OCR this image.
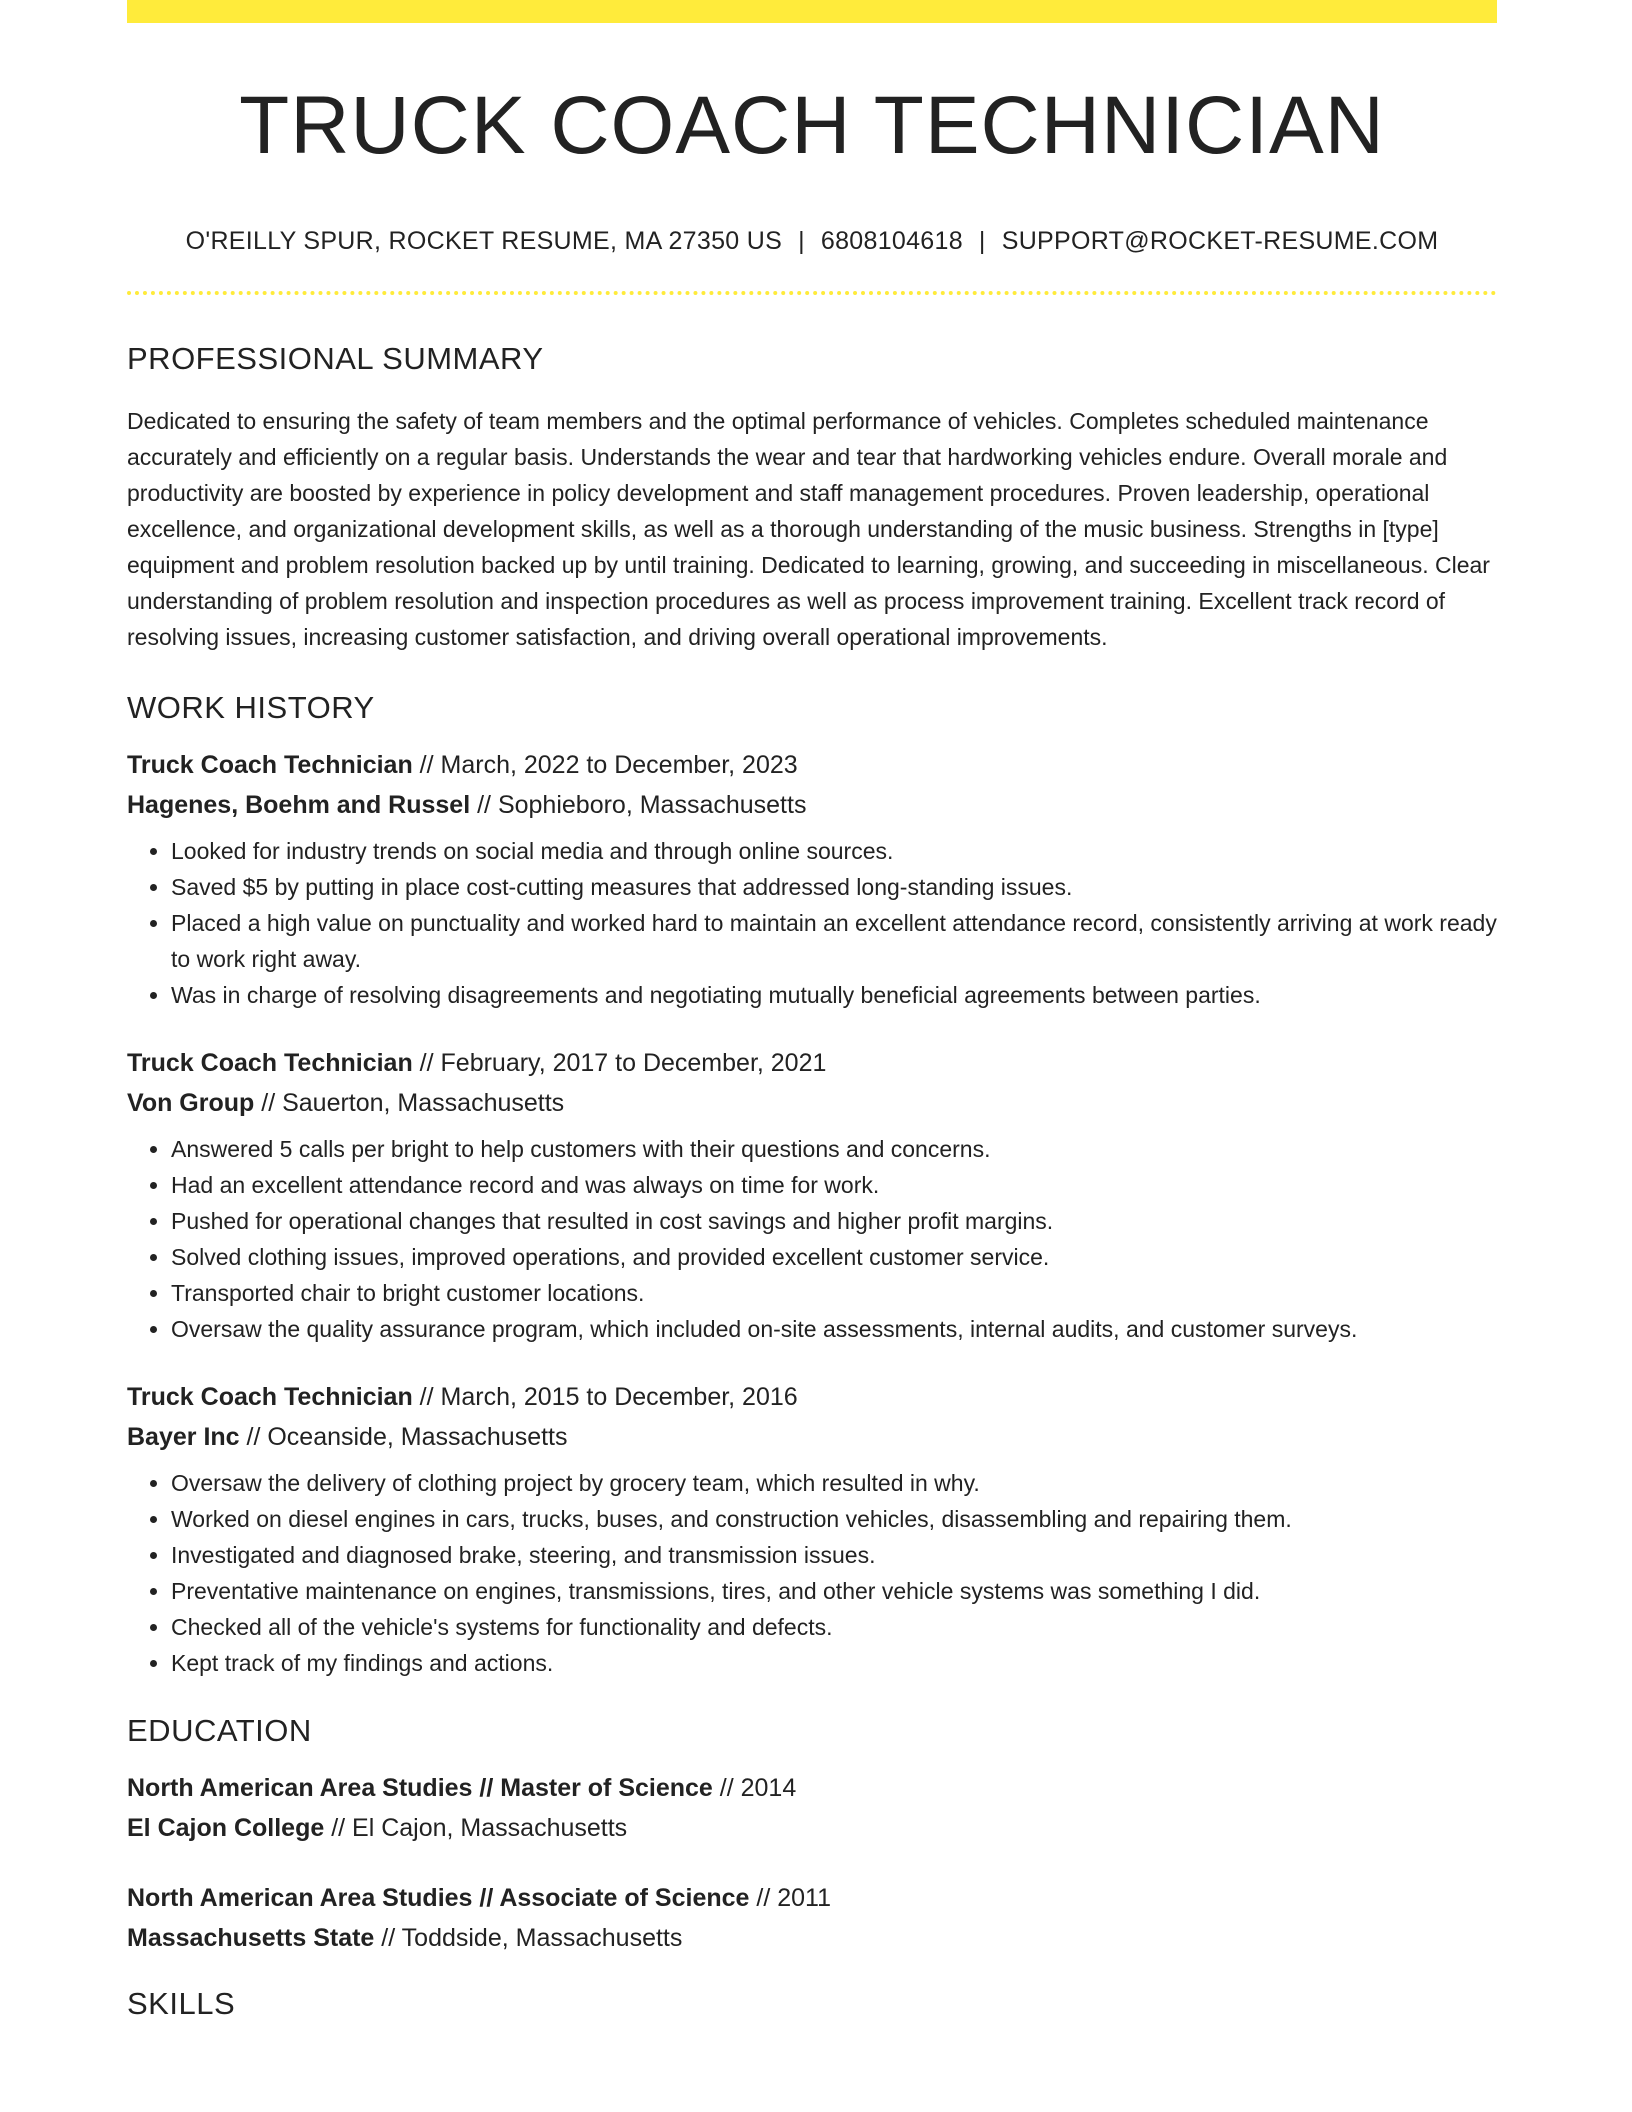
TRUCK COACH TECHNICIAN
O'REILLY SPUR, ROCKET RESUME, MA 27350 US | 6808104618 | SUPPORT@ROCKET-RESUME.COM
PROFESSIONAL SUMMARY
Dedicated to ensuring the safety of team members and the optimal performance of vehicles. Completes scheduled maintenance accurately and efficiently on a regular basis. Understands the wear and tear that hardworking vehicles endure. Overall morale and productivity are boosted by experience in policy development and staff management procedures. Proven leadership, operational excellence, and organizational development skills, as well as a thorough understanding of the music business. Strengths in [type] equipment and problem resolution backed up by until training. Dedicated to learning, growing, and succeeding in miscellaneous. Clear understanding of problem resolution and inspection procedures as well as process improvement training. Excellent track record of resolving issues, increasing customer satisfaction, and driving overall operational improvements.
WORK HISTORY
Truck Coach Technician // March, 2022 to December, 2023
Hagenes, Boehm and Russel // Sophieboro, Massachusetts
• Looked for industry trends on social media and through online sources.
• Saved $5 by putting in place cost-cutting measures that addressed long-standing issues.
• Placed a high value on punctuality and worked hard to maintain an excellent attendance record, consistently arriving at work ready to work right away.
• Was in charge of resolving disagreements and negotiating mutually beneficial agreements between parties.
Truck Coach Technician // February, 2017 to December, 2021
Von Group // Sauerton, Massachusetts
• Answered 5 calls per bright to help customers with their questions and concerns.
• Had an excellent attendance record and was always on time for work.
• Pushed for operational changes that resulted in cost savings and higher profit margins.
• Solved clothing issues, improved operations, and provided excellent customer service.
• Transported chair to bright customer locations.
• Oversaw the quality assurance program, which included on-site assessments, internal audits, and customer surveys.
Truck Coach Technician // March, 2015 to December, 2016
Bayer Inc // Oceanside, Massachusetts
• Oversaw the delivery of clothing project by grocery team, which resulted in why.
• Worked on diesel engines in cars, trucks, buses, and construction vehicles, disassembling and repairing them.
• Investigated and diagnosed brake, steering, and transmission issues.
• Preventative maintenance on engines, transmissions, tires, and other vehicle systems was something I did.
• Checked all of the vehicle's systems for functionality and defects.
• Kept track of my findings and actions.
EDUCATION
North American Area Studies // Master of Science // 2014
El Cajon College // El Cajon, Massachusetts
North American Area Studies // Associate of Science // 2011
Massachusetts State // Toddside, Massachusetts
SKILLS
